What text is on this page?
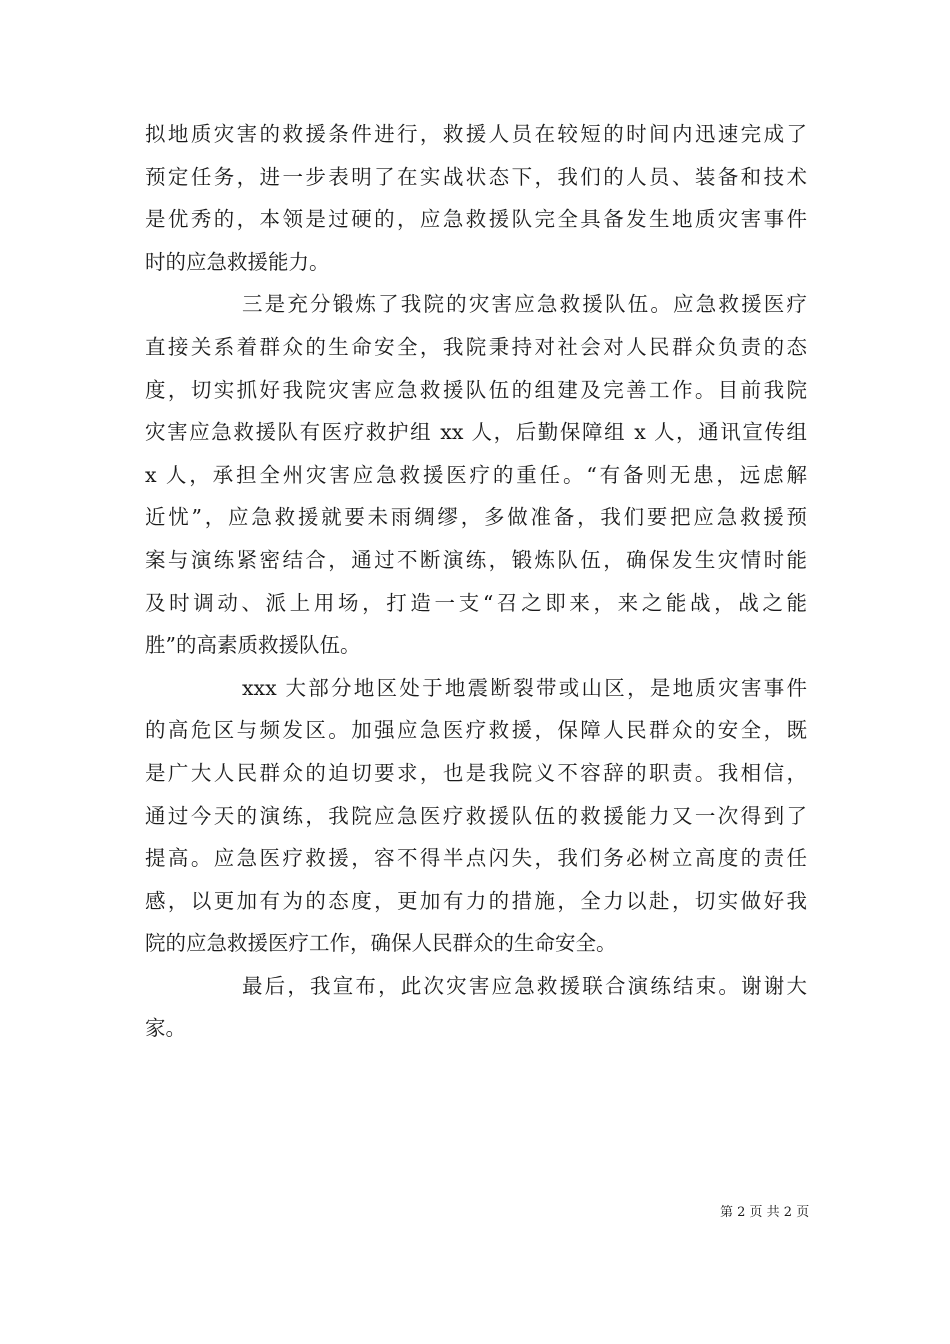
拟地质灾害的救援条件进行，救援人员在较短的时间内迅速完成了
预定任务，进一步表明了在实战状态下，我们的人员、装备和技术
是优秀的，本领是过硬的，应急救援队完全具备发生地质灾害事件
时的应急救援能力。
三是充分锻炼了我院的灾害应急救援队伍。应急救援医疗
直接关系着群众的生命安全，我院秉持对社会对人民群众负责的态
度，切实抓好我院灾害应急救援队伍的组建及完善工作。目前我院
灾害应急救援队有医疗救护组 xx 人，后勤保障组 x 人，通讯宣传组
x 人，承担全州灾害应急救援医疗的重任。“有备则无患，远虑解
近忧”，应急救援就要未雨绸缪，多做准备，我们要把应急救援预
案与演练紧密结合，通过不断演练，锻炼队伍，确保发生灾情时能
及时调动、派上用场，打造一支“召之即来，来之能战，战之能
胜”的高素质救援队伍。
xxx 大部分地区处于地震断裂带或山区，是地质灾害事件
的高危区与频发区。加强应急医疗救援，保障人民群众的安全，既
是广大人民群众的迫切要求，也是我院义不容辞的职责。我相信，
通过今天的演练，我院应急医疗救援队伍的救援能力又一次得到了
提高。应急医疗救援，容不得半点闪失，我们务必树立高度的责任
感，以更加有为的态度，更加有力的措施，全力以赴，切实做好我
院的应急救援医疗工作，确保人民群众的生命安全。
最后，我宣布，此次灾害应急救援联合演练结束。谢谢大
家。
第 2 页 共 2 页
